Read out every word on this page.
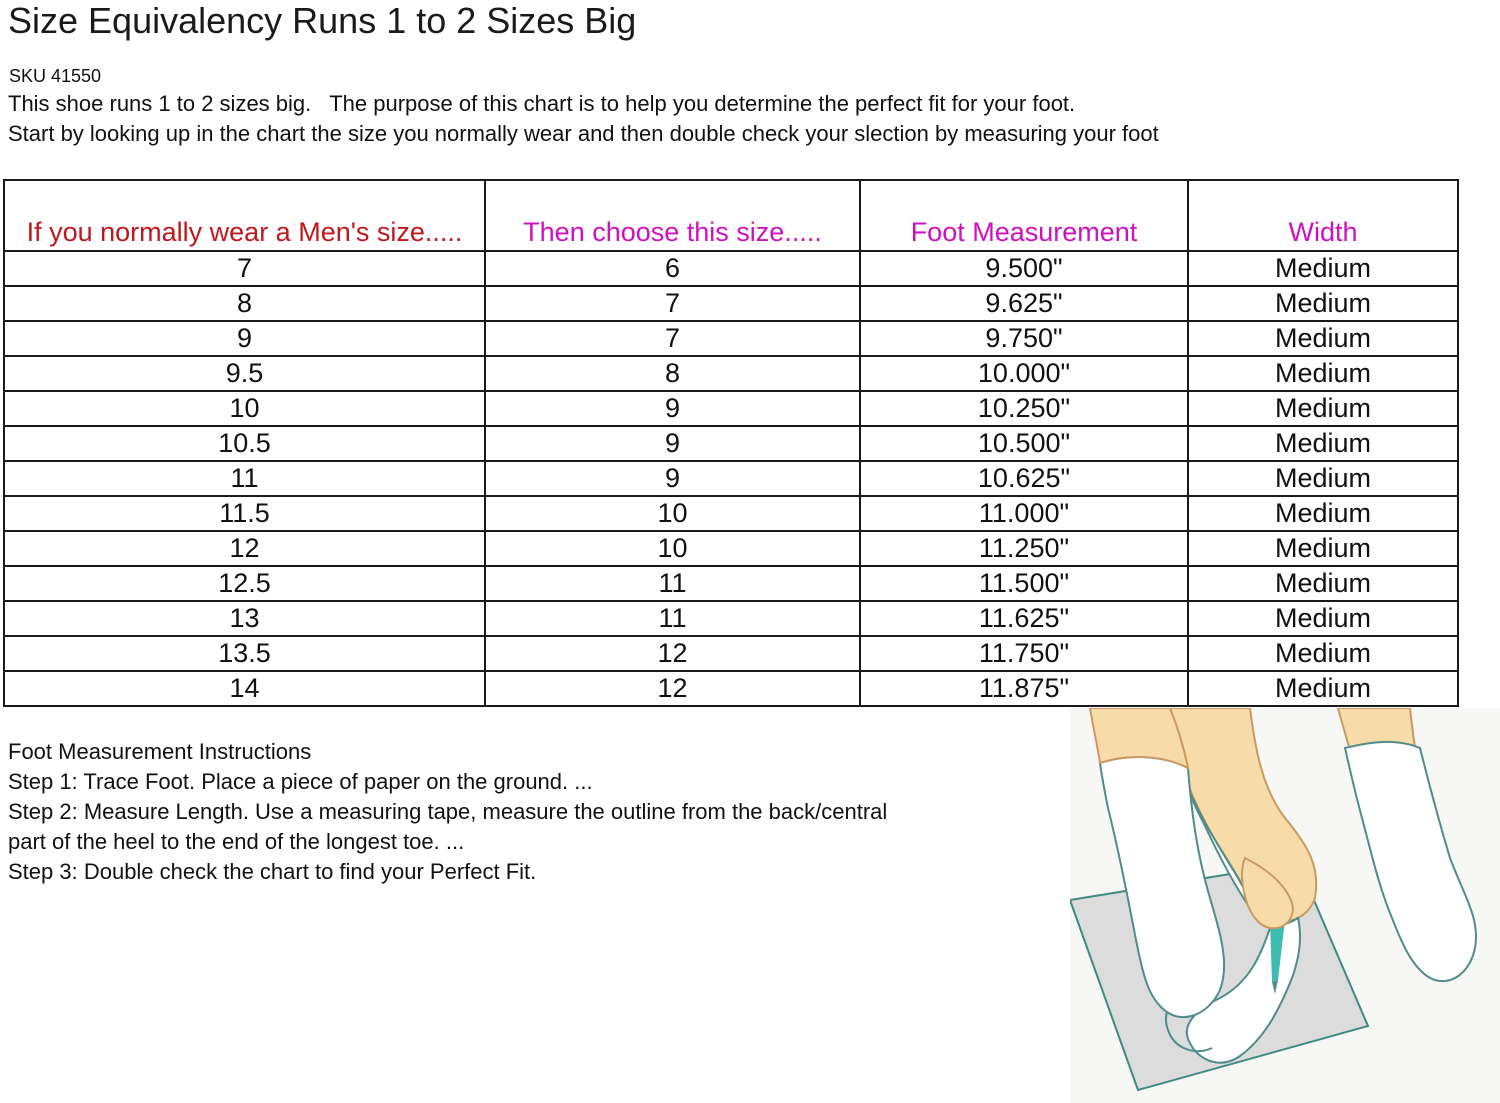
Size Equivalency Runs 1 to 2 Sizes Big
SKU 41550
This shoe runs 1 to 2 sizes big.   The purpose of this chart is to help you determine the perfect fit for your foot.
Start by looking up in the chart the size you normally wear and then double check your slection by measuring your foot
If you normally wear a Men's size.....	Then choose this size.....	Foot Measurement	Width
7	6	9.500"	Medium
8	7	9.625"	Medium
9	7	9.750"	Medium
9.5	8	10.000"	Medium
10	9	10.250"	Medium
10.5	9	10.500"	Medium
11	9	10.625"	Medium
11.5	10	11.000"	Medium
12	10	11.250"	Medium
12.5	11	11.500"	Medium
13	11	11.625"	Medium
13.5	12	11.750"	Medium
14	12	11.875"	Medium
Foot Measurement Instructions
Step 1: Trace Foot. Place a piece of paper on the ground. ...
Step 2: Measure Length. Use a measuring tape, measure the outline from the back/central
part of the heel to the end of the longest toe. ...
Step 3: Double check the chart to find your Perfect Fit.
